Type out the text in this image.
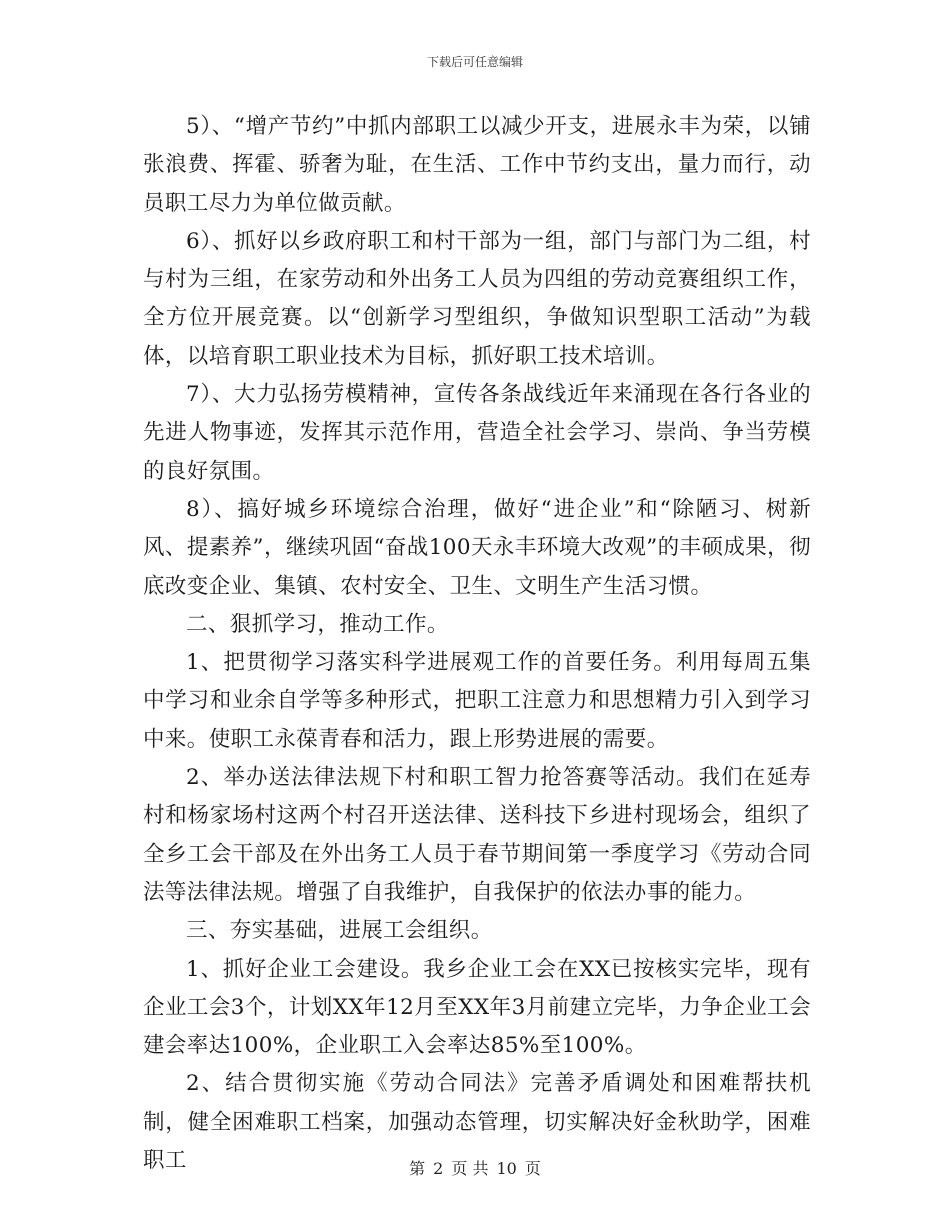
下载后可任意编辑

5）、“增产节约”中抓内部职工以减少开支，进展永丰为荣，以铺张浪费、挥霍、骄奢为耻，在生活、工作中节约支出，量力而行，动员职工尽力为单位做贡献。

6）、抓好以乡政府职工和村干部为一组，部门与部门为二组，村与村为三组，在家劳动和外出务工人员为四组的劳动竞赛组织工作，全方位开展竞赛。以“创新学习型组织，争做知识型职工活动”为载体，以培育职工职业技术为目标，抓好职工技术培训。

7）、大力弘扬劳模精神，宣传各条战线近年来涌现在各行各业的先进人物事迹，发挥其示范作用，营造全社会学习、崇尚、争当劳模的良好氛围。

8）、搞好城乡环境综合治理，做好“进企业”和“除陋习、树新风、提素养”，继续巩固“奋战100天永丰环境大改观”的丰硕成果，彻底改变企业、集镇、农村安全、卫生、文明生产生活习惯。

二、狠抓学习，推动工作。

1、把贯彻学习落实科学进展观工作的首要任务。利用每周五集中学习和业余自学等多种形式，把职工注意力和思想精力引入到学习中来。使职工永葆青春和活力，跟上形势进展的需要。

2、举办送法律法规下村和职工智力抢答赛等活动。我们在延寿村和杨家场村这两个村召开送法律、送科技下乡进村现场会，组织了全乡工会干部及在外出务工人员于春节期间第一季度学习《劳动合同法等法律法规。增强了自我维护，自我保护的依法办事的能力。

三、夯实基础，进展工会组织。

1、抓好企业工会建设。我乡企业工会在XX已按核实完毕，现有企业工会3个，计划XX年12月至XX年3月前建立完毕，力争企业工会建会率达100%，企业职工入会率达85%至100%。

2、结合贯彻实施《劳动合同法》完善矛盾调处和困难帮扶机制，健全困难职工档案，加强动态管理，切实解决好金秋助学，困难职工	第 2 页 共 10 页
